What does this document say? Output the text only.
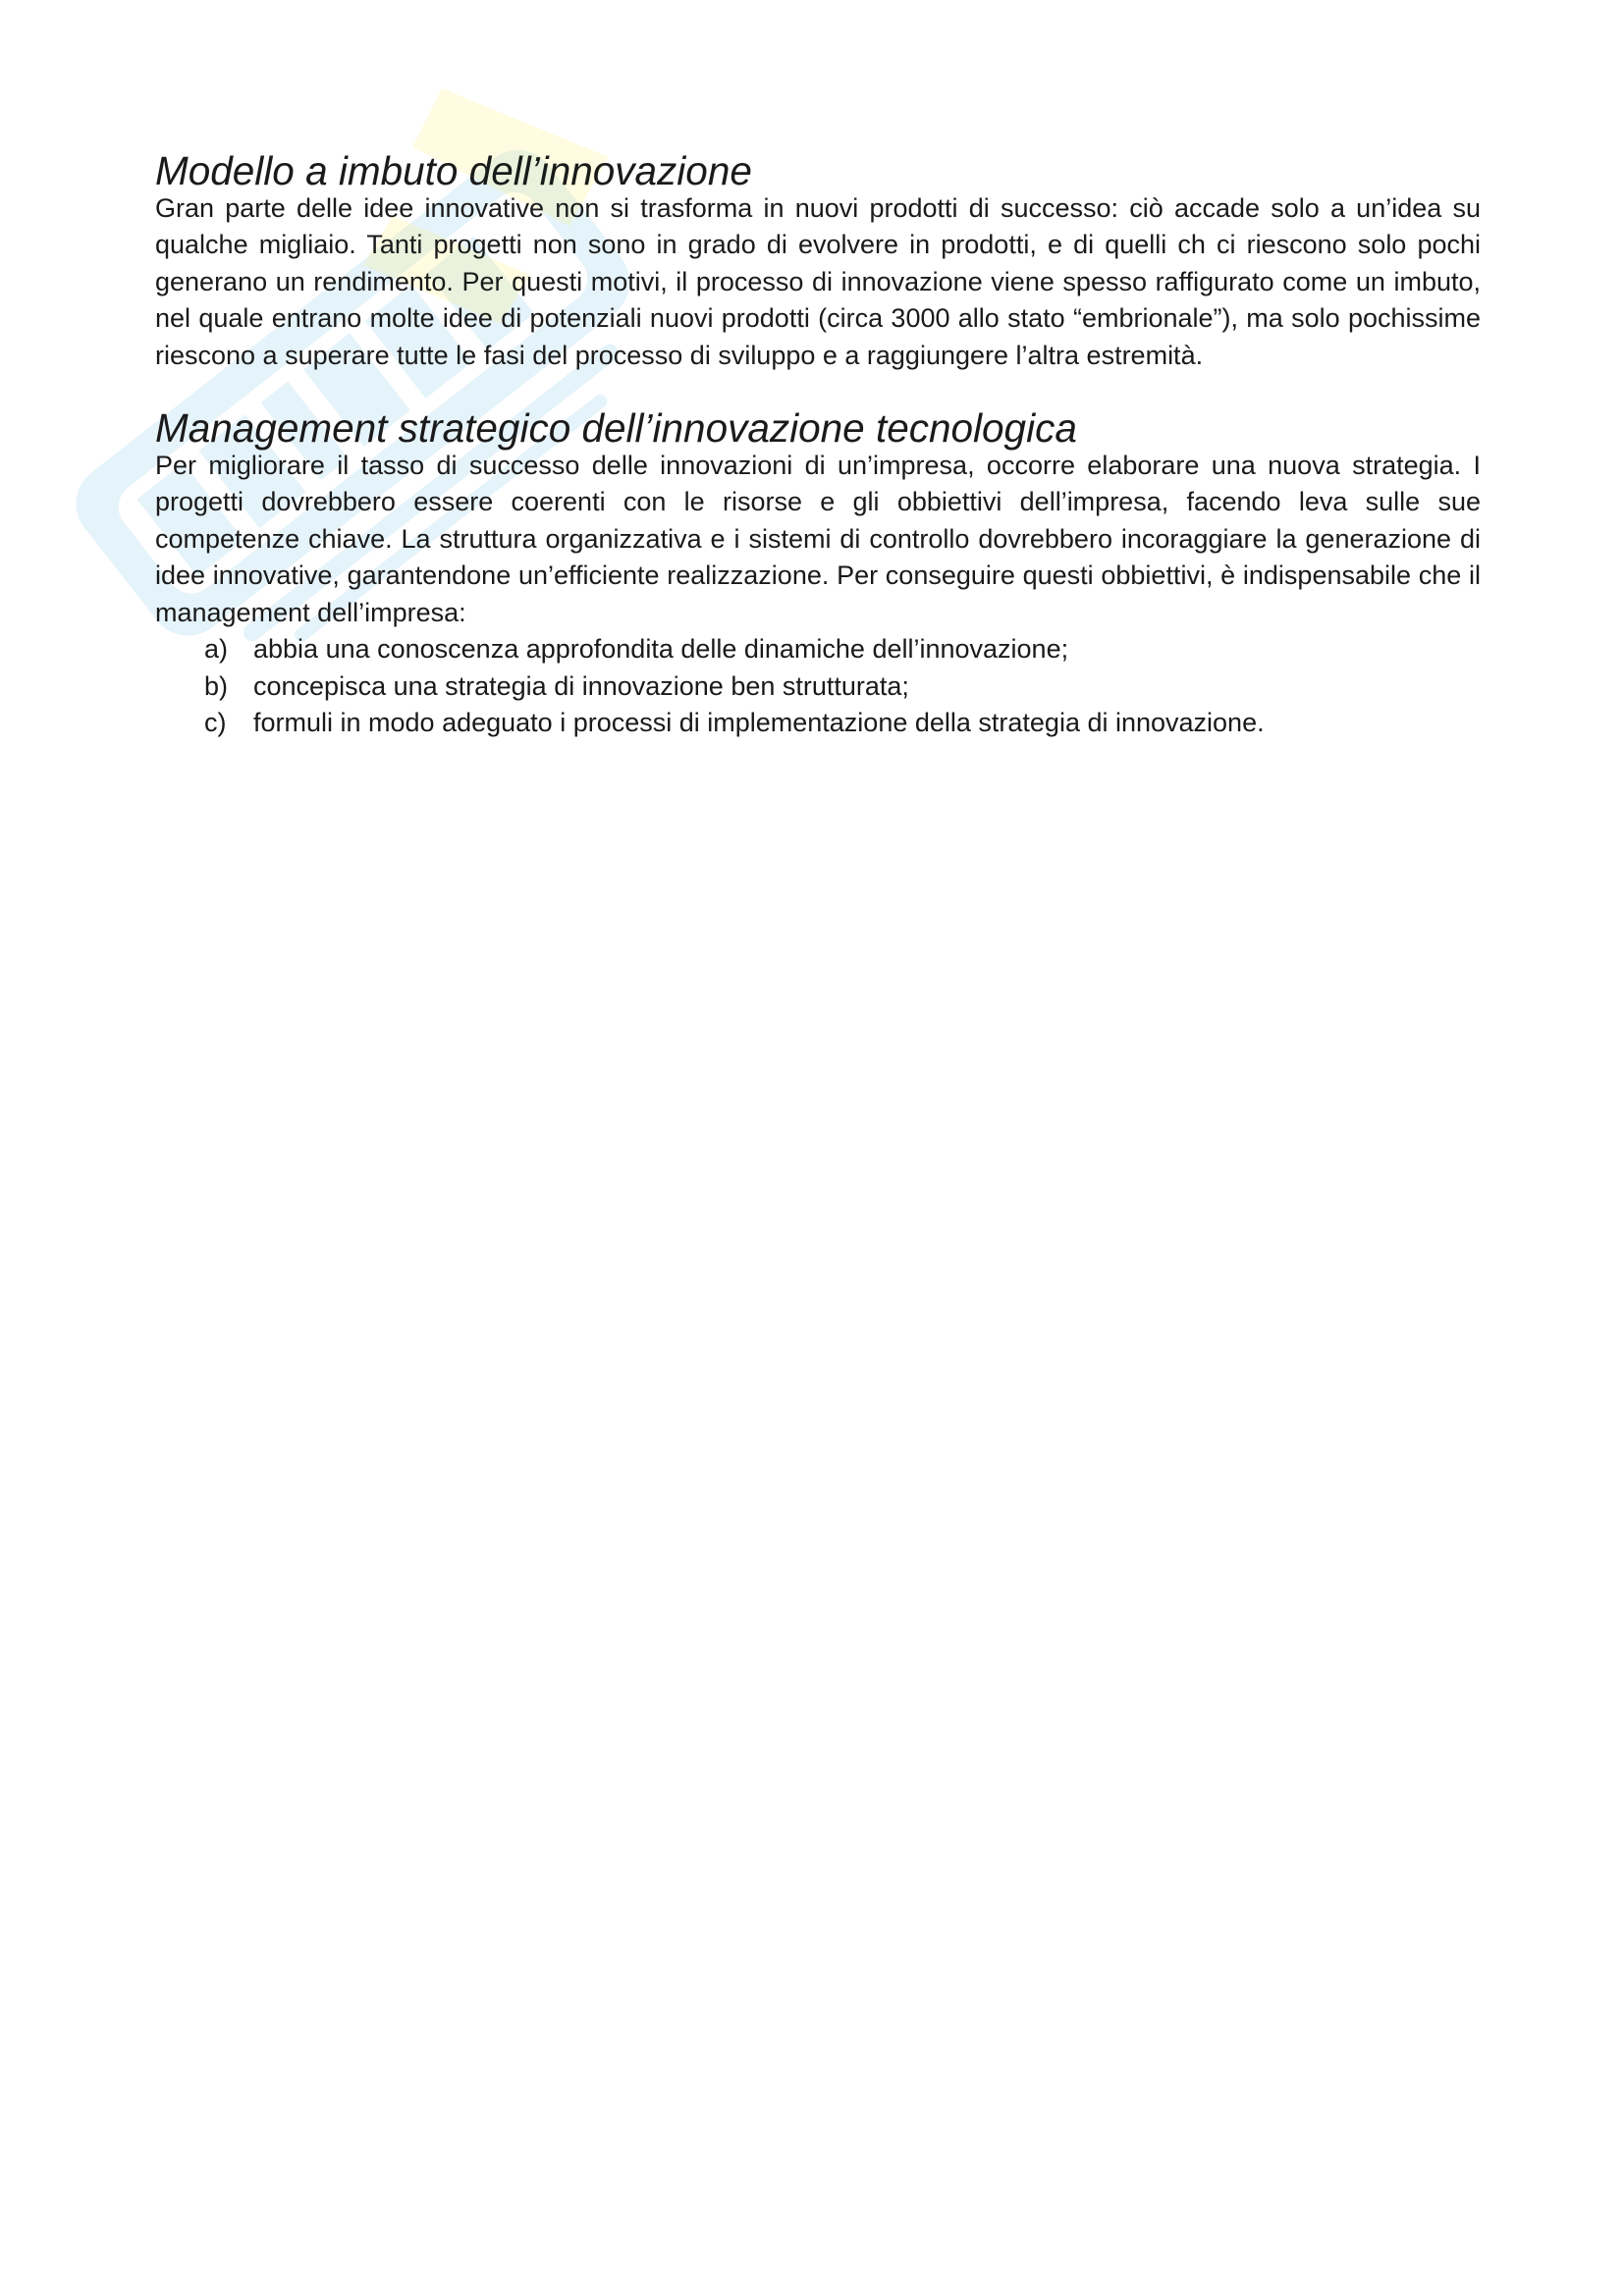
Modello a imbuto dell’innovazione

Gran parte delle idee innovative non si trasforma in nuovi prodotti di successo: ciò accade solo a un’idea su qualche migliaio. Tanti progetti non sono in grado di evolvere in prodotti, e di quelli ch ci riescono solo pochi generano un rendimento. Per questi motivi, il processo di innovazione viene spesso raffigurato come un imbuto, nel quale entrano molte idee di potenziali nuovi prodotti (circa 3000 allo stato “embrionale”), ma solo pochissime riescono a superare tutte le fasi del processo di sviluppo e a raggiungere l’altra estremità.

Management strategico dell’innovazione tecnologica

Per migliorare il tasso di successo delle innovazioni di un’impresa, occorre elaborare una nuova strategia. I progetti dovrebbero essere coerenti con le risorse e gli obbiettivi dell’impresa, facendo leva sulle sue competenze chiave. La struttura organizzativa e i sistemi di controllo dovrebbero incoraggiare la generazione di idee innovative, garantendone un’efficiente realizzazione. Per conseguire questi obbiettivi, è indispensabile che il management dell’impresa:

a) abbia una conoscenza approfondita delle dinamiche dell’innovazione;
b) concepisca una strategia di innovazione ben strutturata;
c)	formuli in modo adeguato i processi di implementazione della strategia di innovazione.
